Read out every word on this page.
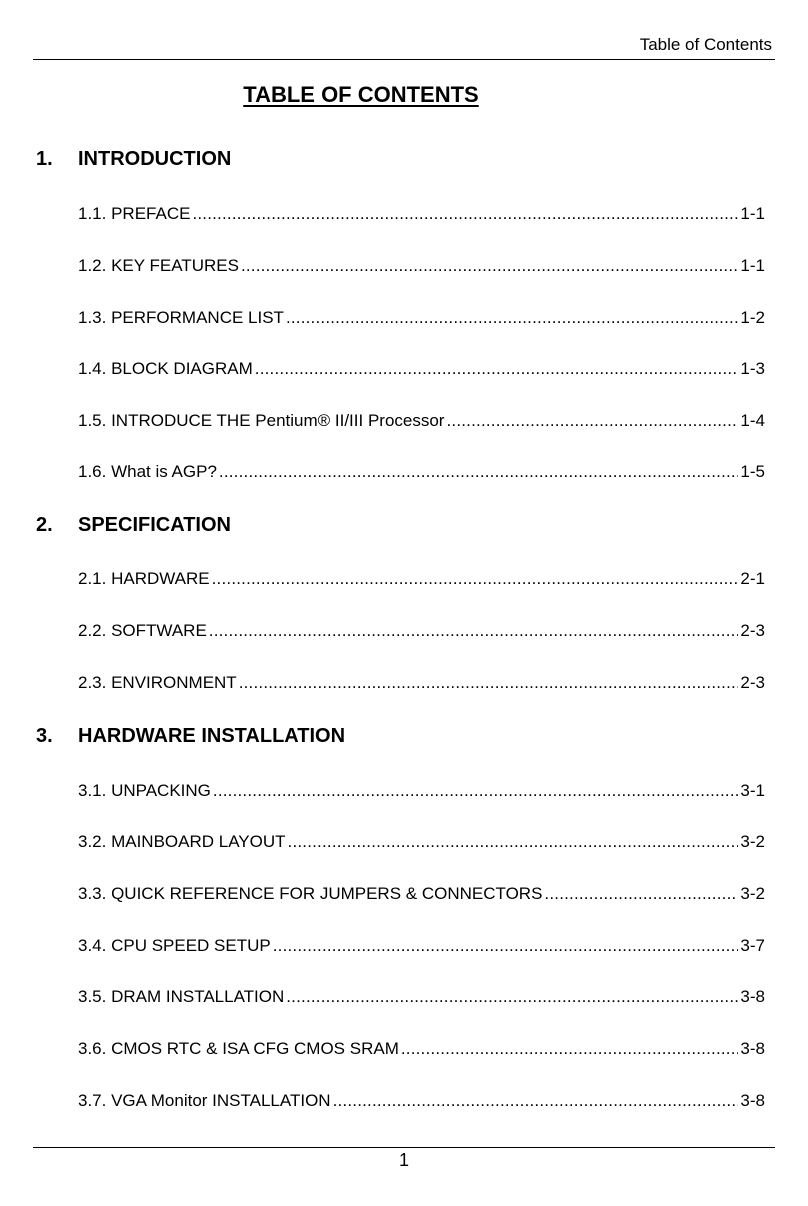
Table of Contents
TABLE OF CONTENTS
1.	INTRODUCTION
1.1. PREFACE .....	1-1
1.2. KEY FEATURES .....	1-1
1.3. PERFORMANCE LIST .....	1-2
1.4. BLOCK DIAGRAM .....	1-3
1.5. INTRODUCE THE Pentium® II/III Processor .....	1-4
1.6. What is AGP? .....	1-5
2.	SPECIFICATION
2.1. HARDWARE .....	2-1
2.2. SOFTWARE .....	2-3
2.3. ENVIRONMENT .....	2-3
3.	HARDWARE INSTALLATION
3.1. UNPACKING .....	3-1
3.2. MAINBOARD LAYOUT .....	3-2
3.3. QUICK REFERENCE FOR JUMPERS & CONNECTORS .....	3-2
3.4. CPU SPEED SETUP .....	3-7
3.5. DRAM INSTALLATION .....	3-8
3.6. CMOS RTC & ISA CFG CMOS SRAM .....	3-8
3.7. VGA Monitor INSTALLATION .....	3-8
1
